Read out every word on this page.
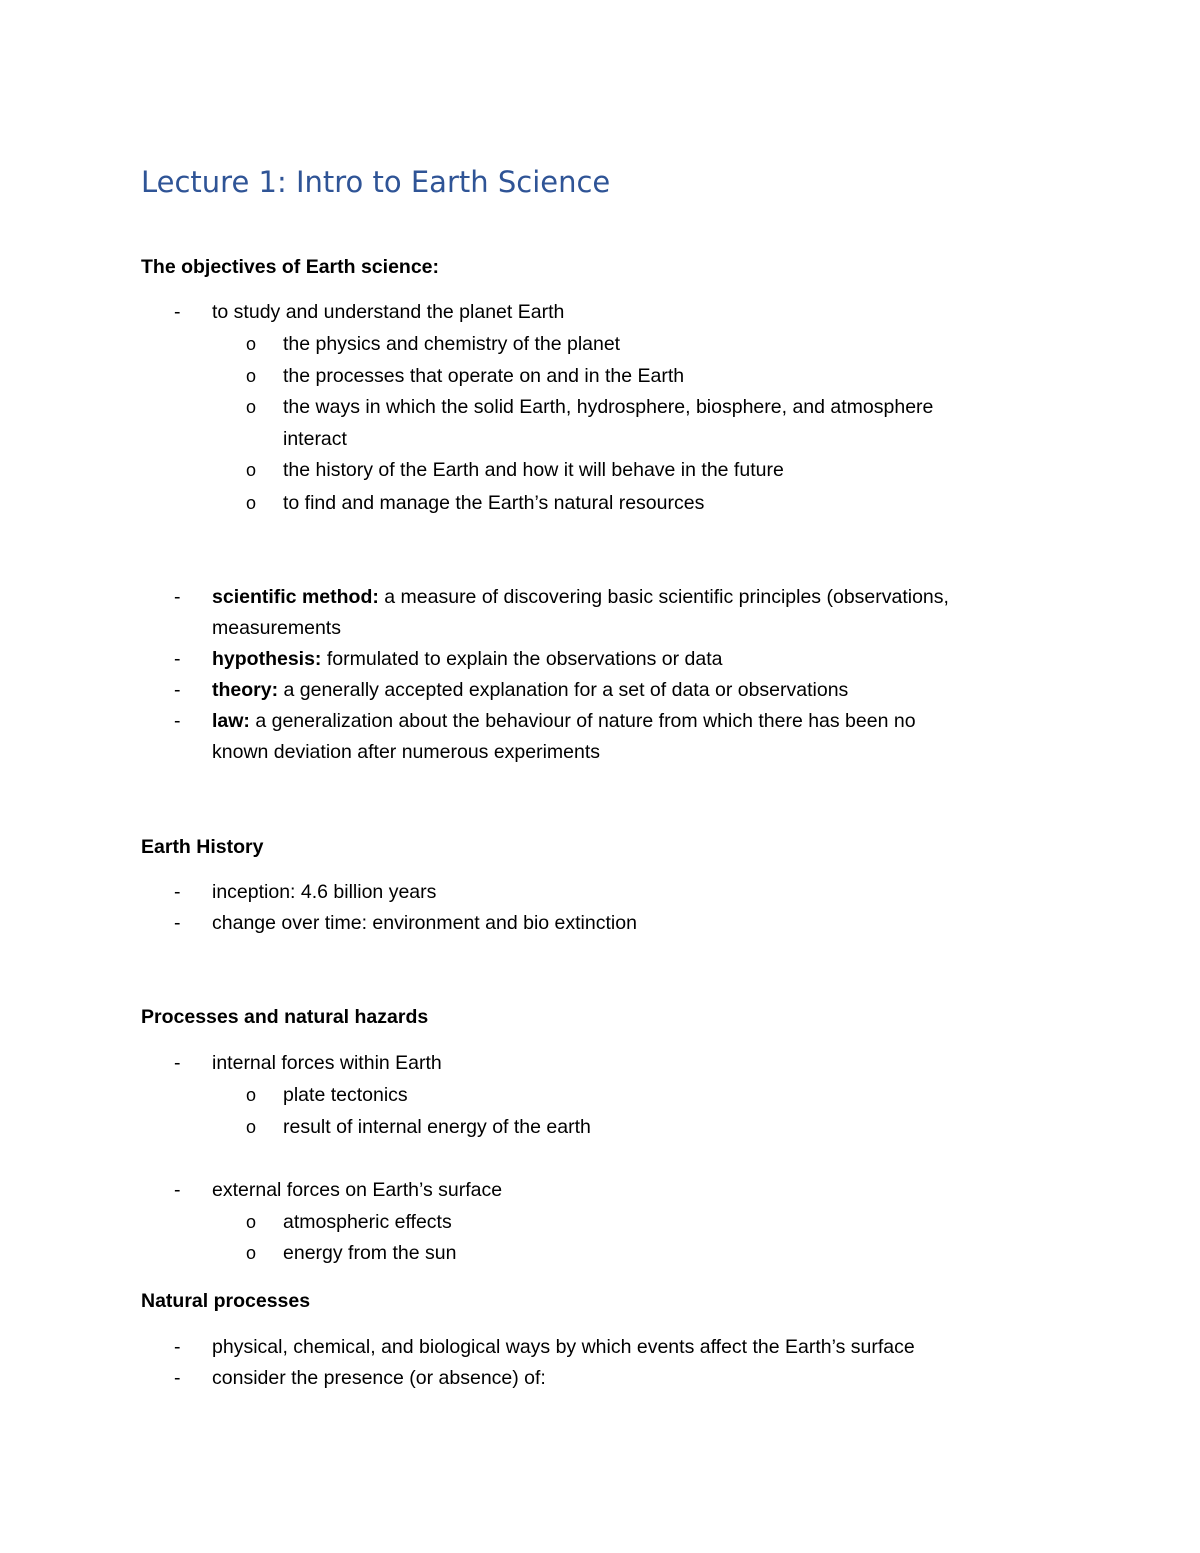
Lecture 1: Intro to Earth Science
The objectives of Earth science:
- to study and understand the planet Earth
o the physics and chemistry of the planet
o the processes that operate on and in the Earth
o the ways in which the solid Earth, hydrosphere, biosphere, and atmosphere
interact
o the history of the Earth and how it will behave in the future
o to find and manage the Earth’s natural resources
- scientific method: a measure of discovering basic scientific principles (observations,
measurements
- hypothesis: formulated to explain the observations or data
- theory: a generally accepted explanation for a set of data or observations
- law: a generalization about the behaviour of nature from which there has been no
known deviation after numerous experiments
Earth History
- inception: 4.6 billion years
- change over time: environment and bio extinction
Processes and natural hazards
- internal forces within Earth
o plate tectonics
o result of internal energy of the earth
- external forces on Earth’s surface
o atmospheric effects
o energy from the sun
Natural processes
- physical, chemical, and biological ways by which events affect the Earth’s surface
- consider the presence (or absence) of:
